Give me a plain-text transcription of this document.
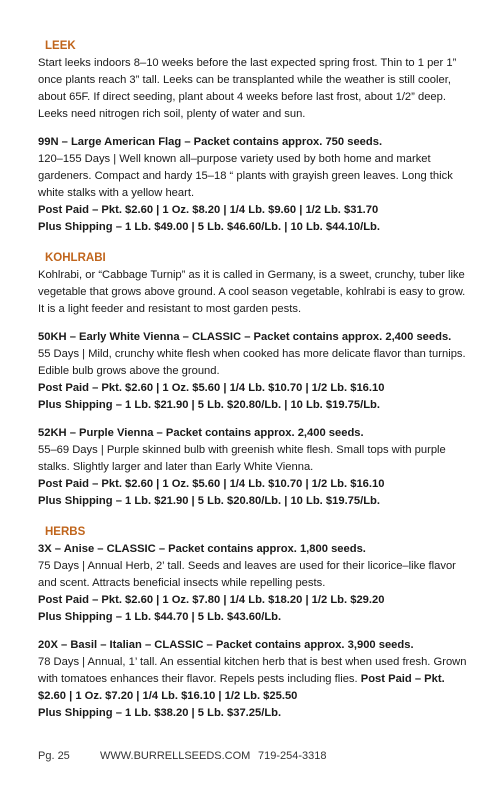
LEEK

Start leeks indoors 8–10 weeks before the last expected spring frost. Thin to 1 per 1” once plants reach 3” tall. Leeks can be transplanted while the weather is still cooler, about 65F. If direct seeding, plant about 4 weeks before last frost, about 1/2” deep. Leeks need nitrogen rich soil, plenty of water and sun.

99N – Large American Flag – Packet contains approx. 750 seeds.

120–155 Days | Well known all–purpose variety used by both home and market gardeners. Compact and hardy 15–18 “ plants with grayish green leaves. Long thick white stalks with a yellow heart.

Post Paid – Pkt. $2.60 | 1 Oz. $8.20 | 1/4 Lb. $9.60 | 1/2 Lb. $31.70

Plus Shipping – 1 Lb. $49.00 | 5 Lb. $46.60/Lb. | 10 Lb. $44.10/Lb.

KOHLRABI

Kohlrabi, or “Cabbage Turnip” as it is called in Germany, is a sweet, crunchy, tuber like vegetable that grows above ground. A cool season vegetable, kohlrabi is easy to grow. It is a light feeder and resistant to most garden pests.

50KH – Early White Vienna – CLASSIC – Packet contains approx. 2,400 seeds.

55 Days | Mild, crunchy white flesh when cooked has more delicate flavor than turnips. Edible bulb grows above the ground.

Post Paid – Pkt. $2.60 | 1 Oz. $5.60 | 1/4 Lb. $10.70 | 1/2 Lb. $16.10

Plus Shipping – 1 Lb. $21.90 | 5 Lb. $20.80/Lb. | 10 Lb. $19.75/Lb.

52KH – Purple Vienna – Packet contains approx. 2,400 seeds.

55–69 Days | Purple skinned bulb with greenish white flesh. Small tops with purple stalks. Slightly larger and later than Early White Vienna.

Post Paid – Pkt. $2.60 | 1 Oz. $5.60 | 1/4 Lb. $10.70 | 1/2 Lb. $16.10

Plus Shipping – 1 Lb. $21.90 | 5 Lb. $20.80/Lb. | 10 Lb. $19.75/Lb.

HERBS

3X – Anise – CLASSIC – Packet contains approx. 1,800 seeds.

75 Days | Annual Herb, 2’ tall. Seeds and leaves are used for their licorice–like flavor and scent. Attracts beneficial insects while repelling pests.

Post Paid – Pkt. $2.60 | 1 Oz. $7.80 | 1/4 Lb. $18.20 | 1/2 Lb. $29.20

Plus Shipping – 1 Lb. $44.70 | 5 Lb. $43.60/Lb.

20X – Basil – Italian – CLASSIC – Packet contains approx. 3,900 seeds.

78 Days | Annual, 1’ tall. An essential kitchen herb that is best when used fresh. Grown with tomatoes enhances their flavor. Repels pests including flies. Post Paid – Pkt. $2.60 | 1 Oz. $7.20 | 1/4 Lb. $16.10 | 1/2 Lb. $25.50

Plus Shipping – 1 Lb. $38.20 | 5 Lb. $37.25/Lb.

Pg. 25	WWW.BURRELLSEEDS.COM 719-254-3318
